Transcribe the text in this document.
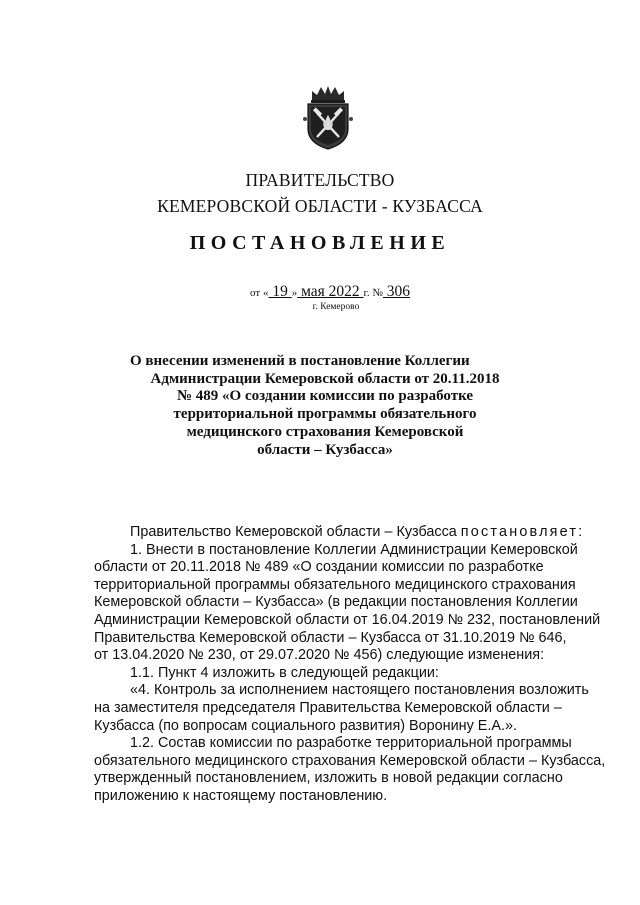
ПРАВИТЕЛЬСТВО
КЕМЕРОВСКОЙ ОБЛАСТИ - КУЗБАССА
ПОСТАНОВЛЕНИЕ
от « 19 » мая 2022 г. № 306
г. Кемерово
О внесении изменений в постановление Коллегии
Администрации Кемеровской области от 20.11.2018
№ 489 «О создании комиссии по разработке
территориальной программы обязательного
медицинского страхования Кемеровской
области – Кузбасса»
Правительство Кемеровской области – Кузбасса постановляет:
1. Внести в постановление Коллегии Администрации Кемеровской
области от 20.11.2018 № 489 «О создании комиссии по разработке
территориальной программы обязательного медицинского страхования
Кемеровской области – Кузбасса» (в редакции постановления Коллегии
Администрации Кемеровской области от 16.04.2019 № 232, постановлений
Правительства Кемеровской области – Кузбасса от 31.10.2019 № 646,
от 13.04.2020 № 230, от 29.07.2020 № 456) следующие изменения:
1.1. Пункт 4 изложить в следующей редакции:
«4. Контроль за исполнением настоящего постановления возложить
на заместителя председателя Правительства Кемеровской области –
Кузбасса (по вопросам социального развития) Воронину Е.А.».
1.2. Состав комиссии по разработке территориальной программы
обязательного медицинского страхования Кемеровской области – Кузбасса,
утвержденный постановлением, изложить в новой редакции согласно
приложению к настоящему постановлению.
